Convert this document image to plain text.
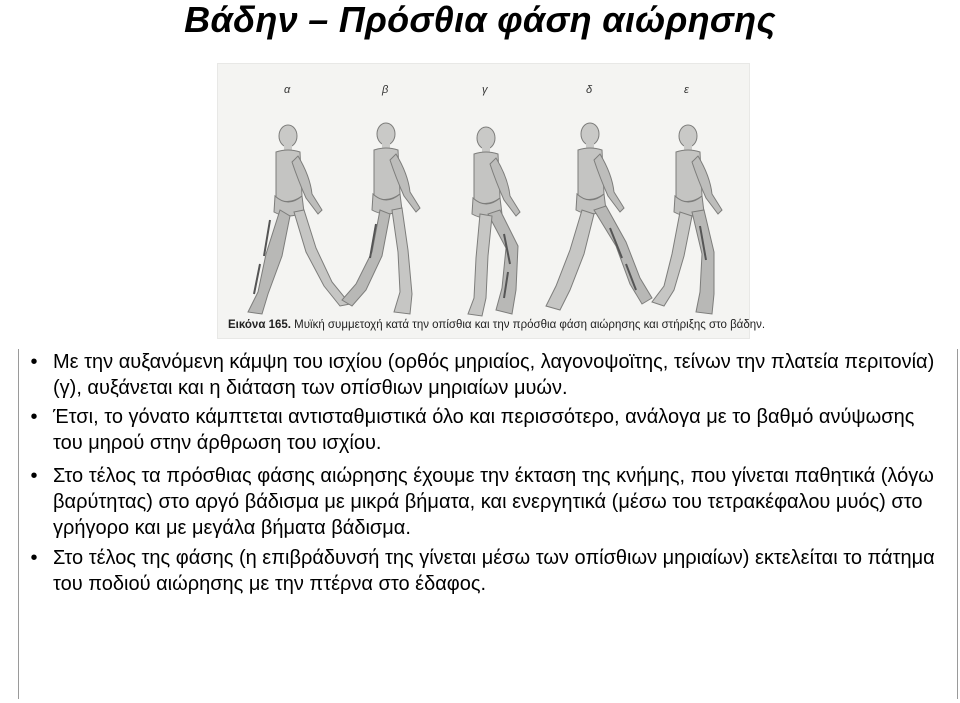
Βάδην – Πρόσθια φάση αιώρησης
α	β	γ	δ	ε
Εικόνα 165. Μυϊκή συμμετοχή κατά την οπίσθια και την πρόσθια φάση αιώρησης και στήριξης στο βάδην.
• Με την αυξανόμενη κάμψη του ισχίου (ορθός μηριαίος, λαγονοψοϊτης, τείνων την πλατεία περιτονία) (γ), αυξάνεται και η διάταση των οπίσθιων μηριαίων μυών.
• Έτσι, το γόνατο κάμπτεται αντισταθμιστικά όλο και περισσότερο, ανάλογα με το βαθμό ανύψωσης του μηρού στην άρθρωση του ισχίου.
• Στο τέλος τα πρόσθιας φάσης αιώρησης έχουμε την έκταση της κνήμης, που γίνεται παθητικά (λόγω βαρύτητας) στο αργό βάδισμα με μικρά βήματα, και ενεργητικά (μέσω του τετρακέφαλου μυός) στο γρήγορο και με μεγάλα βήματα βάδισμα.
• Στο τέλος της φάσης (η επιβράδυνσή της γίνεται μέσω των οπίσθιων μηριαίων) εκτελείται το πάτημα του ποδιού αιώρησης με την πτέρνα στο έδαφος.
